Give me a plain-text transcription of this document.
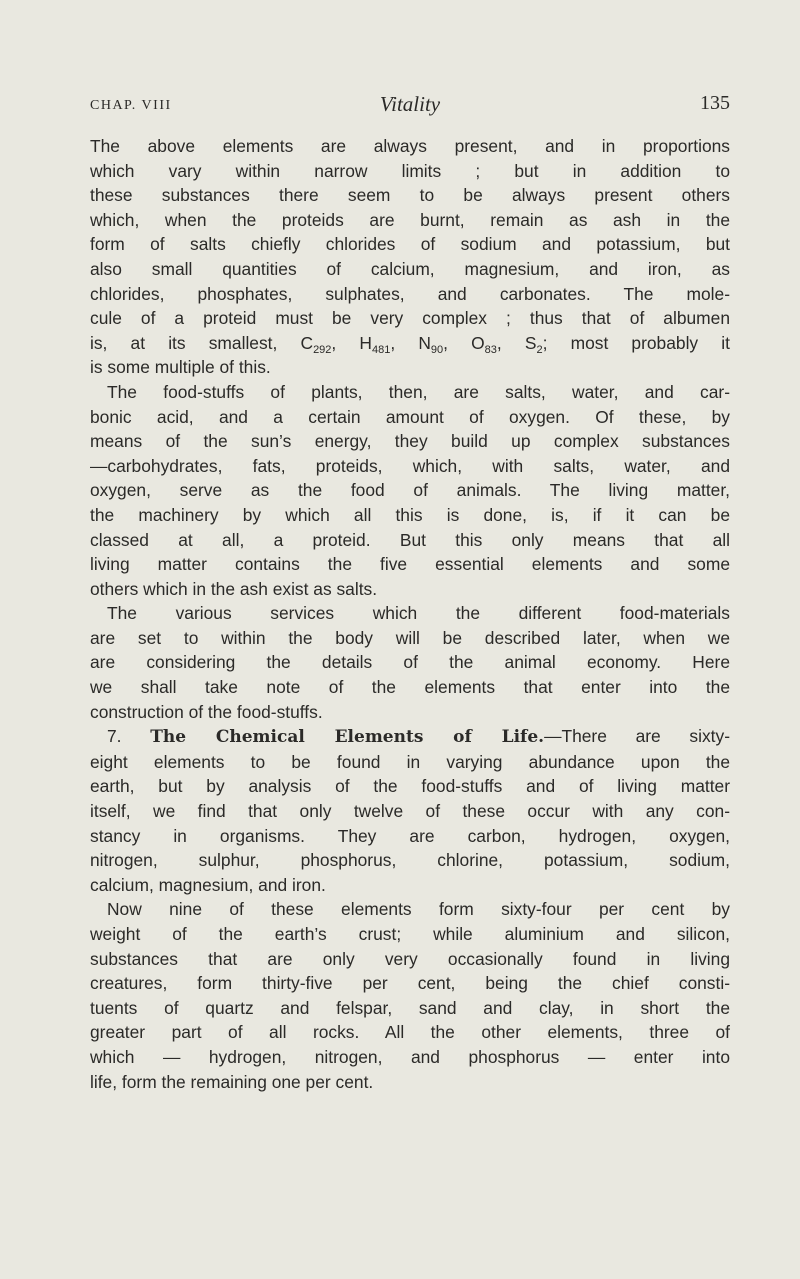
CHAP. VIII	Vitality	135
The above elements are always present, and in proportions
which vary within narrow limits ; but in addition to
these substances there seem to be always present others
which, when the proteids are burnt, remain as ash in the
form of salts chiefly chlorides of sodium and potassium, but
also small quantities of calcium, magnesium, and iron, as
chlorides, phosphates, sulphates, and carbonates. The mole-
cule of a proteid must be very complex ; thus that of albumen
is, at its smallest, $C_{292}$, $H_{481}$, $N_{90}$, $O_{83}$, $S_2$; most probably it
is some multiple of this.
The food-stuffs of plants, then, are salts, water, and car-
bonic acid, and a certain amount of oxygen. Of these, by
means of the sun’s energy, they build up complex substances
—carbohydrates, fats, proteids, which, with salts, water, and
oxygen, serve as the food of animals. The living matter,
the machinery by which all this is done, is, if it can be
classed at all, a proteid. But this only means that all
living matter contains the five essential elements and some
others which in the ash exist as salts.
The various services which the different food-materials
are set to within the body will be described later, when we
are considering the details of the animal economy. Here
we shall take note of the elements that enter into the
construction of the food-stuffs.
7. The Chemical Elements of Life.—There are sixty-
eight elements to be found in varying abundance upon the
earth, but by analysis of the food-stuffs and of living matter
itself, we find that only twelve of these occur with any con-
stancy in organisms. They are carbon, hydrogen, oxygen,
nitrogen, sulphur, phosphorus, chlorine, potassium, sodium,
calcium, magnesium, and iron.
Now nine of these elements form sixty-four per cent by
weight of the earth’s crust; while aluminium and silicon,
substances that are only very occasionally found in living
creatures, form thirty-five per cent, being the chief consti-
tuents of quartz and felspar, sand and clay, in short the
greater part of all rocks. All the other elements, three of
which — hydrogen, nitrogen, and phosphorus — enter into
life, form the remaining one per cent.
